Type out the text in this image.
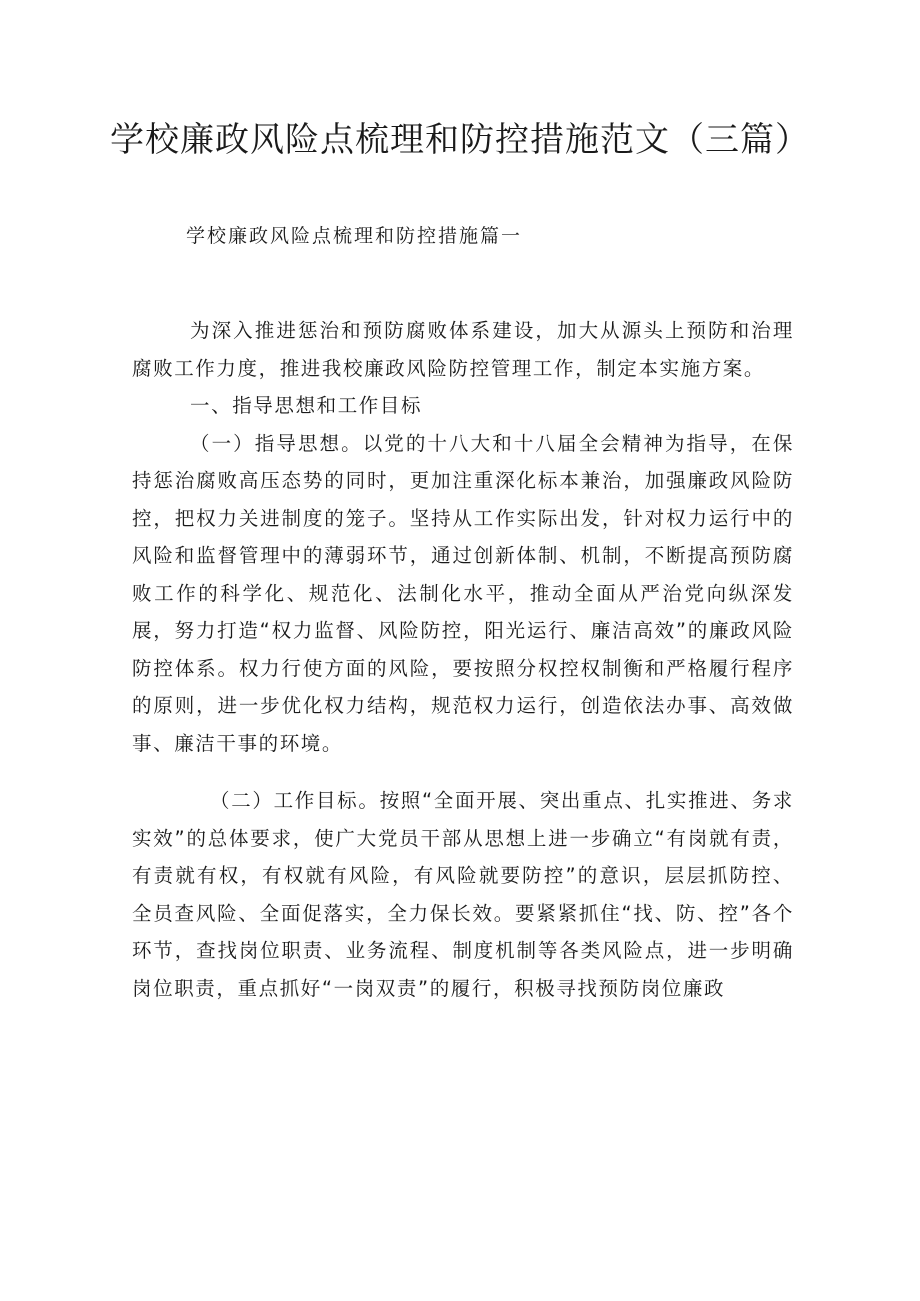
学校廉政风险点梳理和防控措施范文（三篇）

学校廉政风险点梳理和防控措施篇一

为深入推进惩治和预防腐败体系建设，加大从源头上预防和治理腐败工作力度，推进我校廉政风险防控管理工作，制定本实施方案。

一、指导思想和工作目标

（一）指导思想。以党的十八大和十八届全会精神为指导，在保持惩治腐败高压态势的同时，更加注重深化标本兼治，加强廉政风险防控，把权力关进制度的笼子。坚持从工作实际出发，针对权力运行中的风险和监督管理中的薄弱环节，通过创新体制、机制，不断提高预防腐败工作的科学化、规范化、法制化水平，推动全面从严治党向纵深发展，努力打造“权力监督、风险防控，阳光运行、廉洁高效”的廉政风险防控体系。权力行使方面的风险，要按照分权控权制衡和严格履行程序的原则，进一步优化权力结构，规范权力运行，创造依法办事、高效做事、廉洁干事的环境。

（二）工作目标。按照“全面开展、突出重点、扎实推进、务求实效”的总体要求，使广大党员干部从思想上进一步确立“有岗就有责，有责就有权，有权就有风险，有风险就要防控”的意识，层层抓防控、全员查风险、全面促落实，全力保长效。要紧紧抓住“找、防、控”各个环节，查找岗位职责、业务流程、制度机制等各类风险点，进一步明确岗位职责，重点抓好“一岗双责”的履行，积极寻找预防岗位廉政
